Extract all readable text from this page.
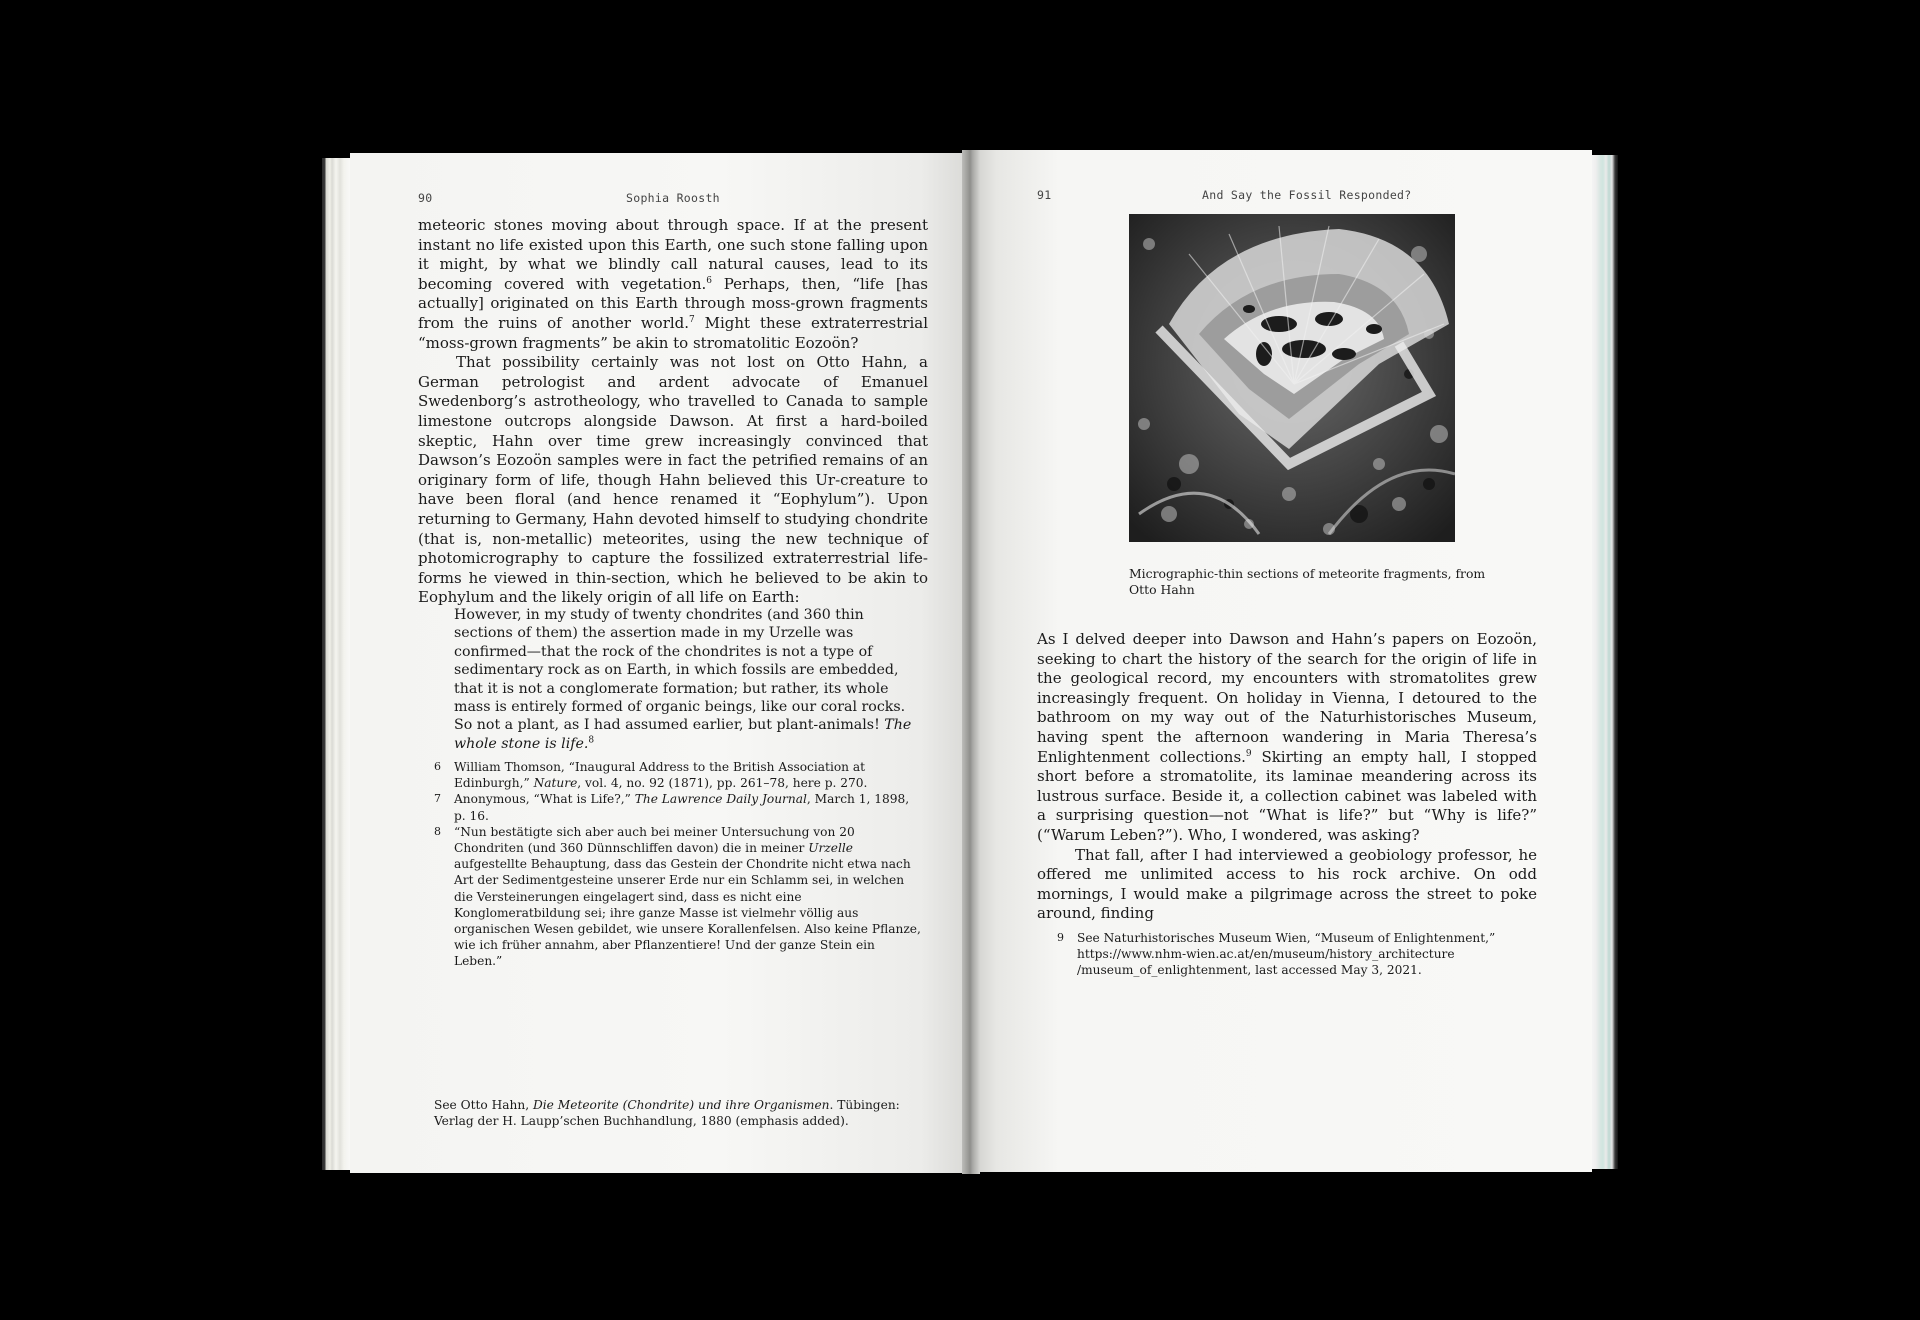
90	Sophia Roosth

meteoric stones moving about through space. If at the present instant no life existed upon this Earth, one such stone falling upon it might, by what we blindly call natural causes, lead to its becoming covered with vegetation.$^6$ Perhaps, then, “life [has actually] originated on this Earth through moss-grown fragments from the ruins of another world.$^7$ Might these extraterrestrial “moss-grown fragments” be akin to stromatolitic Eozoön?

That possibility certainly was not lost on Otto Hahn, a German petrologist and ardent advocate of Emanuel Swedenborg’s astrotheology, who travelled to Canada to sample limestone outcrops alongside Dawson. At first a hard-boiled skeptic, Hahn over time grew increasingly convinced that Dawson’s Eozoön samples were in fact the petrified remains of an originary form of life, though Hahn believed this Ur-creature to have been floral (and hence renamed it “Eophylum”). Upon returning to Germany, Hahn devoted himself to studying chondrite (that is, non-metallic) meteorites, using the new technique of photomicrography to capture the fossilized extraterrestrial life-forms he viewed in thin-section, which he believed to be akin to Eophylum and the likely origin of all life on Earth:

However, in my study of twenty chondrites (and 360 thin sections of them) the assertion made in my Urzelle was confirmed—that the rock of the chondrites is not a type of sedimentary rock as on Earth, in which fossils are embedded, that it is not a conglomerate formation; but rather, its whole mass is entirely formed of organic beings, like our coral rocks. So not a plant, as I had assumed earlier, but plant-animals! The whole stone is life.$^8$
6 William Thomson, “Inaugural Address to the British Association at Edinburgh,” Nature, vol. 4, no. 92 (1871), pp. 261–78, here p. 270.
7 Anonymous, “What is Life?,” The Lawrence Daily Journal, March 1, 1898, p. 16.
8 “Nun bestätigte sich aber auch bei meiner Untersuchung von 20 Chondriten (und 360 Dünnschliffen davon) die in meiner Urzelle aufgestellte Behauptung, dass das Gestein der Chondrite nicht etwa nach Art der Sedimentgesteine unserer Erde nur ein Schlamm sei, in welchen die Versteinerungen eingelagert sind, dass es nicht eine Konglomeratbildung sei; ihre ganze Masse ist vielmehr völlig aus organischen Wesen gebildet, wie unsere Korallenfelsen. Also keine Pflanze, wie ich früher annahm, aber Pflanzentiere! Und der ganze Stein ein Leben.”
See Otto Hahn, Die Meteorite (Chondrite) und ihre Organismen. Tübingen: Verlag der H. Laupp’schen Buchhandlung, 1880 (emphasis added).
91	And Say the Fossil Responded?
Micrographic-thin sections of meteorite fragments, from Otto Hahn

As I delved deeper into Dawson and Hahn’s papers on Eozoön, seeking to chart the history of the search for the origin of life in the geological record, my encounters with stromatolites grew increasingly frequent. On holiday in Vienna, I detoured to the bathroom on my way out of the Naturhistorisches Museum, having spent the afternoon wandering in Maria Theresa’s Enlightenment collections.$^9$ Skirting an empty hall, I stopped short before a stromatolite, its laminae meandering across its lustrous surface. Beside it, a collection cabinet was labeled with a surprising question—not “What is life?” but “Why is life?” (“Warum Leben?”). Who, I wondered, was asking?

That fall, after I had interviewed a geobiology professor, he offered me unlimited access to his rock archive. On odd mornings, I would make a pilgrimage across the street to poke around, finding

9 See Naturhistorisches Museum Wien, “Museum of Enlightenment,” https://www.nhm-wien.ac.at/en/museum/history_architecture /museum_of_enlightenment, last accessed May 3, 2021.
